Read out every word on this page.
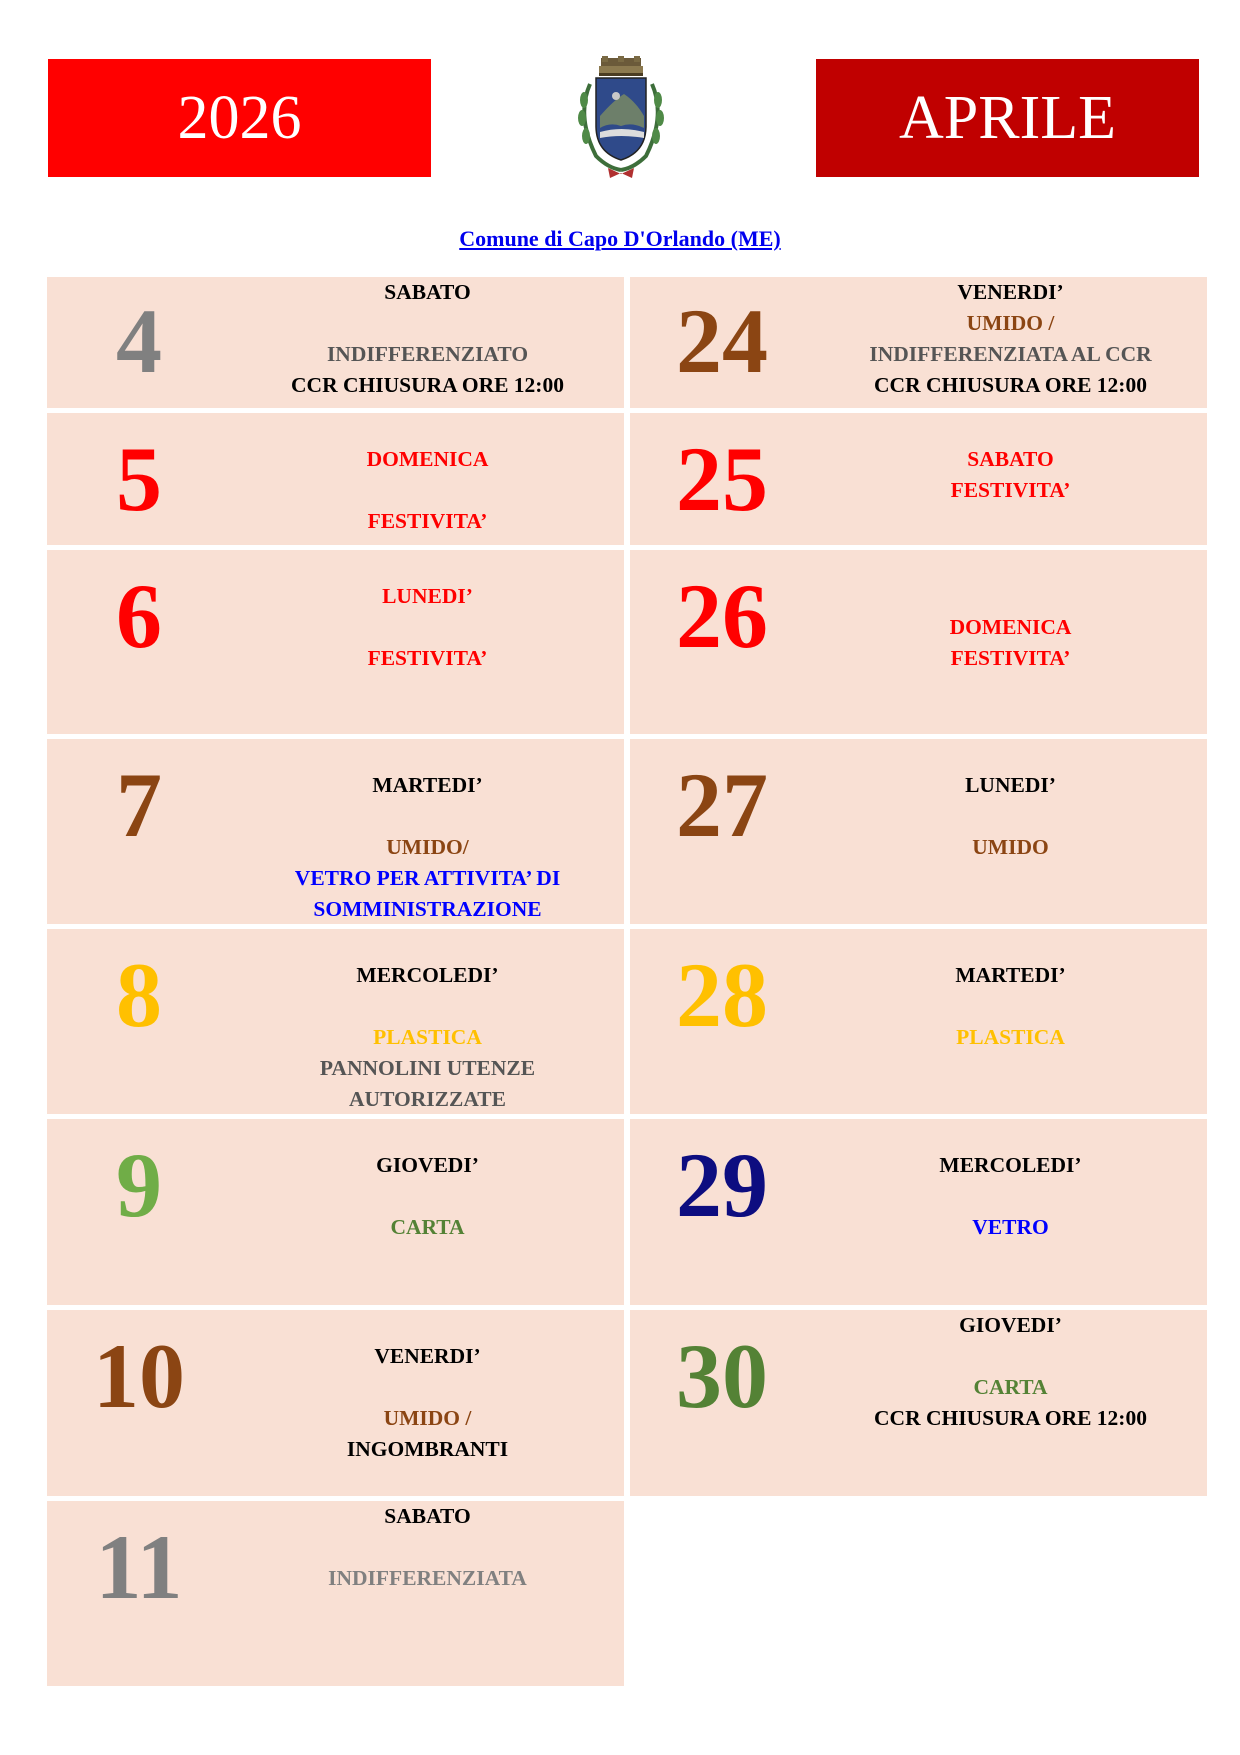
2026	APRILE
Comune di Capo D'Orlando (ME)
4	SABATO

INDIFFERENZIATO
CCR CHIUSURA ORE 12:00
5	DOMENICA

FESTIVITA’
6	LUNEDI’

FESTIVITA’
7	MARTEDI’

UMIDO/
VETRO PER ATTIVITA’ DI
SOMMINISTRAZIONE
8	MERCOLEDI’

PLASTICA
PANNOLINI UTENZE
AUTORIZZATE
9	GIOVEDI’

CARTA
10	VENERDI’

UMIDO /
INGOMBRANTI
11	SABATO

INDIFFERENZIATA
24	VENERDI’
UMIDO /
INDIFFERENZIATA AL CCR
CCR CHIUSURA ORE 12:00
25	SABATO
FESTIVITA’
26	DOMENICA
FESTIVITA’
27	LUNEDI’

UMIDO
28	MARTEDI’

PLASTICA
29	MERCOLEDI’

VETRO
30	GIOVEDI’

CARTA
CCR CHIUSURA ORE 12:00
